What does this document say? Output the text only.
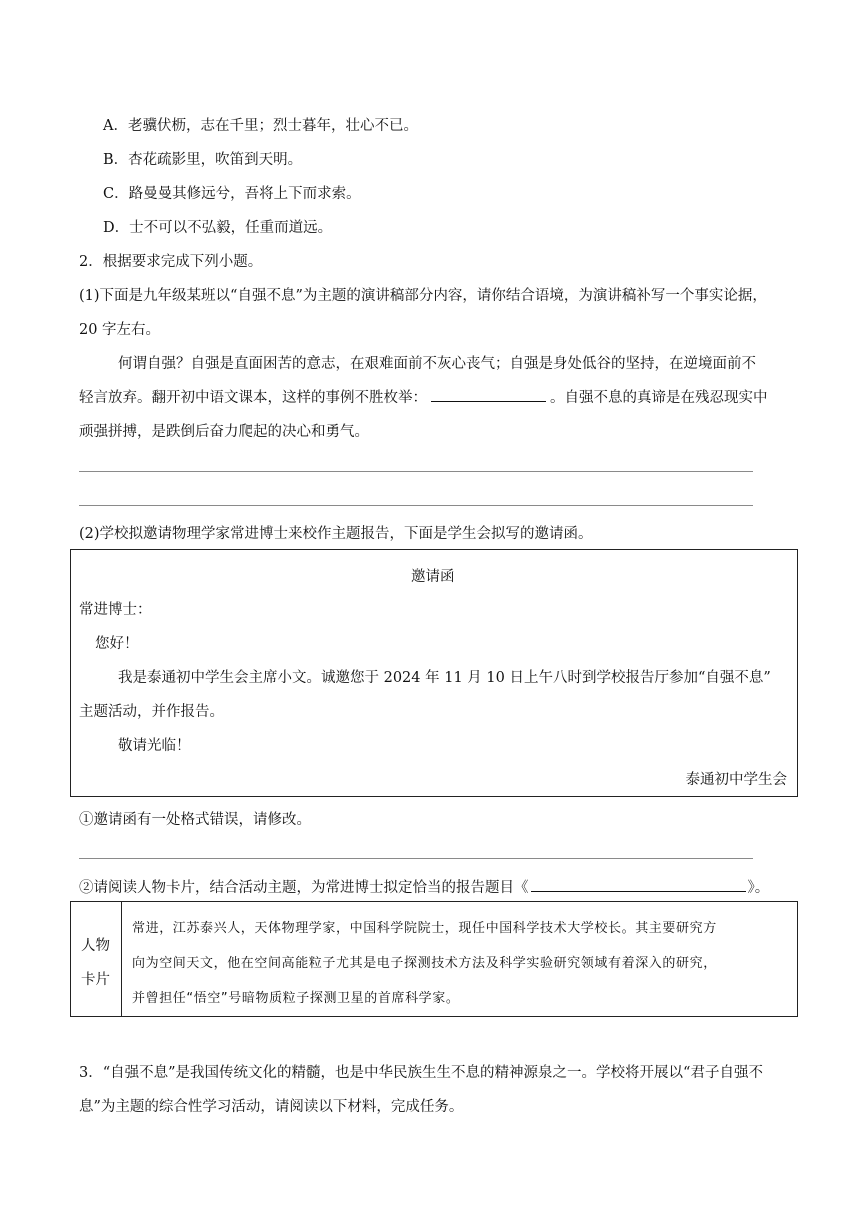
A．老骥伏枥，志在千里；烈士暮年，壮心不已。
B．杏花疏影里，吹笛到天明。
C．路曼曼其修远兮，吾将上下而求索。
D．士不可以不弘毅，任重而道远。
2．根据要求完成下列小题。
(1)下面是九年级某班以“自强不息”为主题的演讲稿部分内容，请你结合语境，为演讲稿补写一个事实论据，
20 字左右。
何谓自强？自强是直面困苦的意志，在艰难面前不灰心丧气；自强是身处低谷的坚持，在逆境面前不
轻言放弃。翻开初中语文课本，这样的事例不胜枚举：	。自强不息的真谛是在残忍现实中
顽强拼搏，是跌倒后奋力爬起的决心和勇气。
(2)学校拟邀请物理学家常进博士来校作主题报告，下面是学生会拟写的邀请函。
邀请函
常进博士：
您好！
我是泰通初中学生会主席小文。诚邀您于 2024 年 11 月 10 日上午八时到学校报告厅参加“自强不息”
主题活动，并作报告。
敬请光临！
泰通初中学生会
①邀请函有一处格式错误，请修改。
②请阅读人物卡片，结合活动主题，为常进博士拟定恰当的报告题目《	》。
人物
卡片
常进，江苏泰兴人，天体物理学家，中国科学院院士，现任中国科学技术大学校长。其主要研究方
向为空间天文，他在空间高能粒子尤其是电子探测技术方法及科学实验研究领域有着深入的研究，
并曾担任“悟空”号暗物质粒子探测卫星的首席科学家。
3．“自强不息”是我国传统文化的精髓，也是中华民族生生不息的精神源泉之一。学校将开展以“君子自强不
息”为主题的综合性学习活动，请阅读以下材料，完成任务。
